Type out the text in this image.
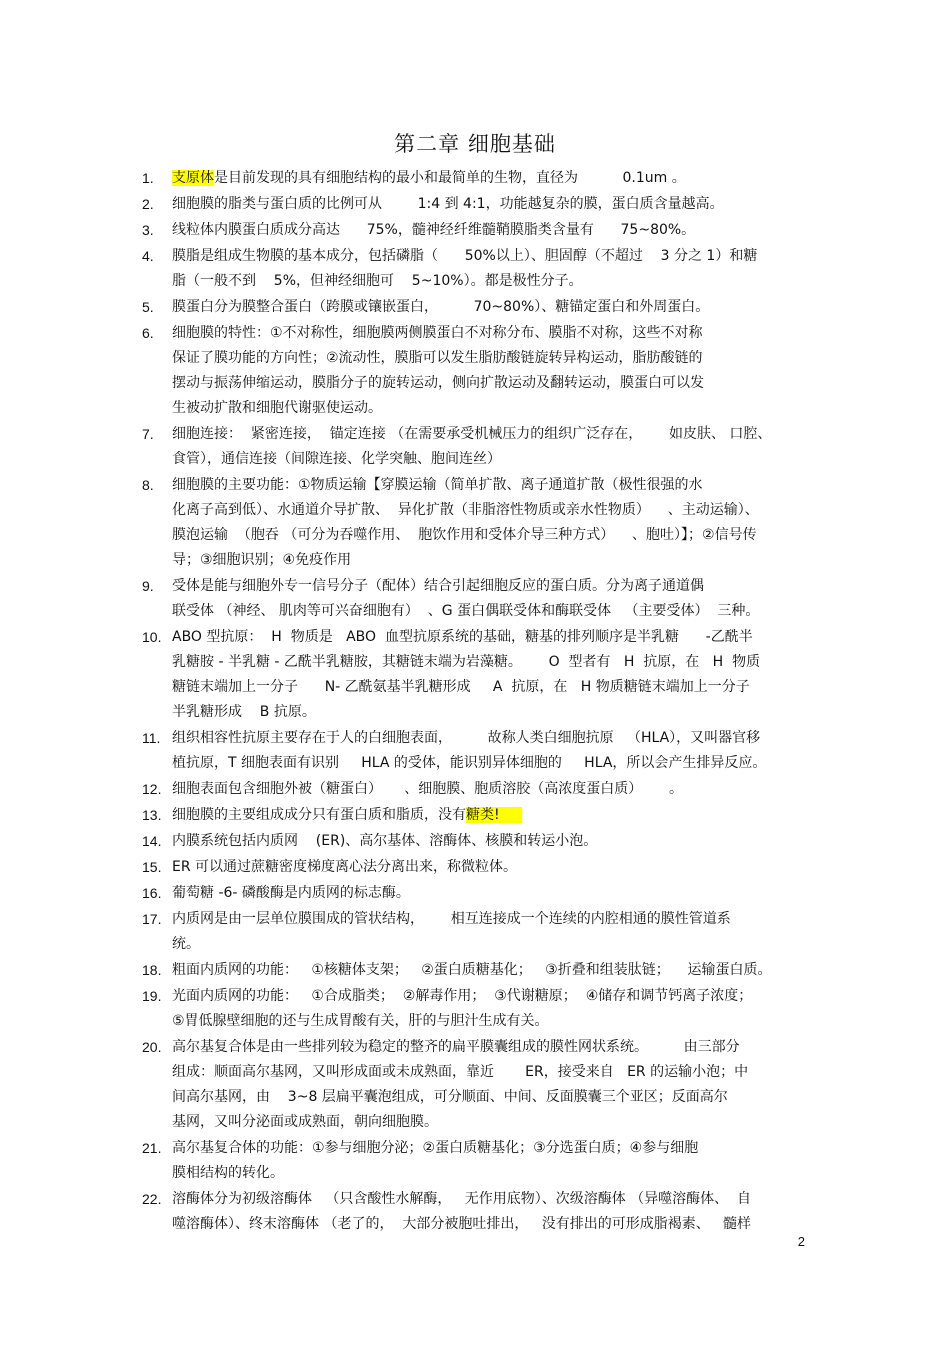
第二章 细胞基础
1.	支原体是目前发现的具有细胞结构的最小和最简单的生物，直径为          0.1um 。
2.	细胞膜的脂类与蛋白质的比例可从        1:4 到 4:1，功能越复杂的膜，蛋白质含量越高。
3.	线粒体内膜蛋白质成分高达      75%，髓神经纤维髓鞘膜脂类含量有      75~80%。
4.	膜脂是组成生物膜的基本成分，包括磷脂（      50%以上）、胆固醇（不超过    3 分之 1）和糖
脂（一般不到    5%，但神经细胞可    5~10%）。都是极性分子。
5.	膜蛋白分为膜整合蛋白（跨膜或镶嵌蛋白，        70~80%）、糖锚定蛋白和外周蛋白。
6.	细胞膜的特性：①不对称性，细胞膜两侧膜蛋白不对称分布、膜脂不对称，这些不对称
保证了膜功能的方向性；②流动性，膜脂可以发生脂肪酸链旋转异构运动，脂肪酸链的
摆动与振荡伸缩运动，膜脂分子的旋转运动，侧向扩散运动及翻转运动，膜蛋白可以发
生被动扩散和细胞代谢驱使运动。
7.	细胞连接：  紧密连接，  锚定连接 （在需要承受机械压力的组织广泛存在，      如皮肤、 口腔、
食管），通信连接（间隙连接、化学突触、胞间连丝）
8.	细胞膜的主要功能：①物质运输【穿膜运输（简单扩散、离子通道扩散（极性很强的水
化离子高到低）、水通道介导扩散、  异化扩散（非脂溶性物质或亲水性物质）    、主动运输）、
膜泡运输  （胞吞 （可分为吞噬作用、  胞饮作用和受体介导三种方式）    、胞吐）】；②信号传
导；③细胞识别；④免疫作用
9.	受体是能与细胞外专一信号分子（配体）结合引起细胞反应的蛋白质。分为离子通道偶
联受体 （神经、 肌肉等可兴奋细胞有）  、G 蛋白偶联受体和酶联受体   （主要受体）  三种。
10. ABO 型抗原：  H  物质是   ABO  血型抗原系统的基础，糖基的排列顺序是半乳糖      -乙酰半
乳糖胺 - 半乳糖 - 乙酰半乳糖胺，其糖链末端为岩藻糖。      O  型者有   H  抗原，在   H  物质
糖链末端加上一分子      N- 乙酰氨基半乳糖形成     A  抗原，在   H 物质糖链末端加上一分子
半乳糖形成    B 抗原。
11. 组织相容性抗原主要存在于人的白细胞表面，        故称人类白细胞抗原   （HLA），又叫器官移
植抗原，T 细胞表面有识别     HLA 的受体，能识别异体细胞的     HLA，所以会产生排异反应。
12. 细胞表面包含细胞外被（糖蛋白）     、细胞膜、胞质溶胶（高浓度蛋白质）      。
13. 细胞膜的主要组成成分只有蛋白质和脂质，没有糖类!
14. 内膜系统包括内质网    (ER)、高尔基体、溶酶体、核膜和转运小泡。
15. ER 可以通过蔗糖密度梯度离心法分离出来，称微粒体。
16. 葡萄糖 -6- 磷酸酶是内质网的标志酶。
17. 内质网是由一层单位膜围成的管状结构，      相互连接成一个连续的内腔相通的膜性管道系
统。
18. 粗面内质网的功能：   ①核糖体支架；   ②蛋白质糖基化；   ③折叠和组装肽链；    运输蛋白质。
19. 光面内质网的功能：   ①合成脂类；  ②解毒作用；  ③代谢糖原；  ④储存和调节钙离子浓度；
⑤胃低腺壁细胞的还与生成胃酸有关，肝的与胆汁生成有关。
20. 高尔基复合体是由一些排列较为稳定的整齐的扁平膜囊组成的膜性网状系统。        由三部分
组成：顺面高尔基网，又叫形成面或未成熟面，靠近       ER，接受来自   ER 的运输小泡；中
间高尔基网，由    3~8 层扁平囊泡组成，可分顺面、中间、反面膜囊三个亚区；反面高尔
基网，又叫分泌面或成熟面，朝向细胞膜。
21. 高尔基复合体的功能：①参与细胞分泌；②蛋白质糖基化；③分选蛋白质；④参与细胞
膜相结构的转化。
22. 溶酶体分为初级溶酶体   （只含酸性水解酶，   无作用底物）、次级溶酶体 （异噬溶酶体、  自
噬溶酶体）、终末溶酶体 （老了的，  大部分被胞吐排出，   没有排出的可形成脂褐素、   髓样
2
